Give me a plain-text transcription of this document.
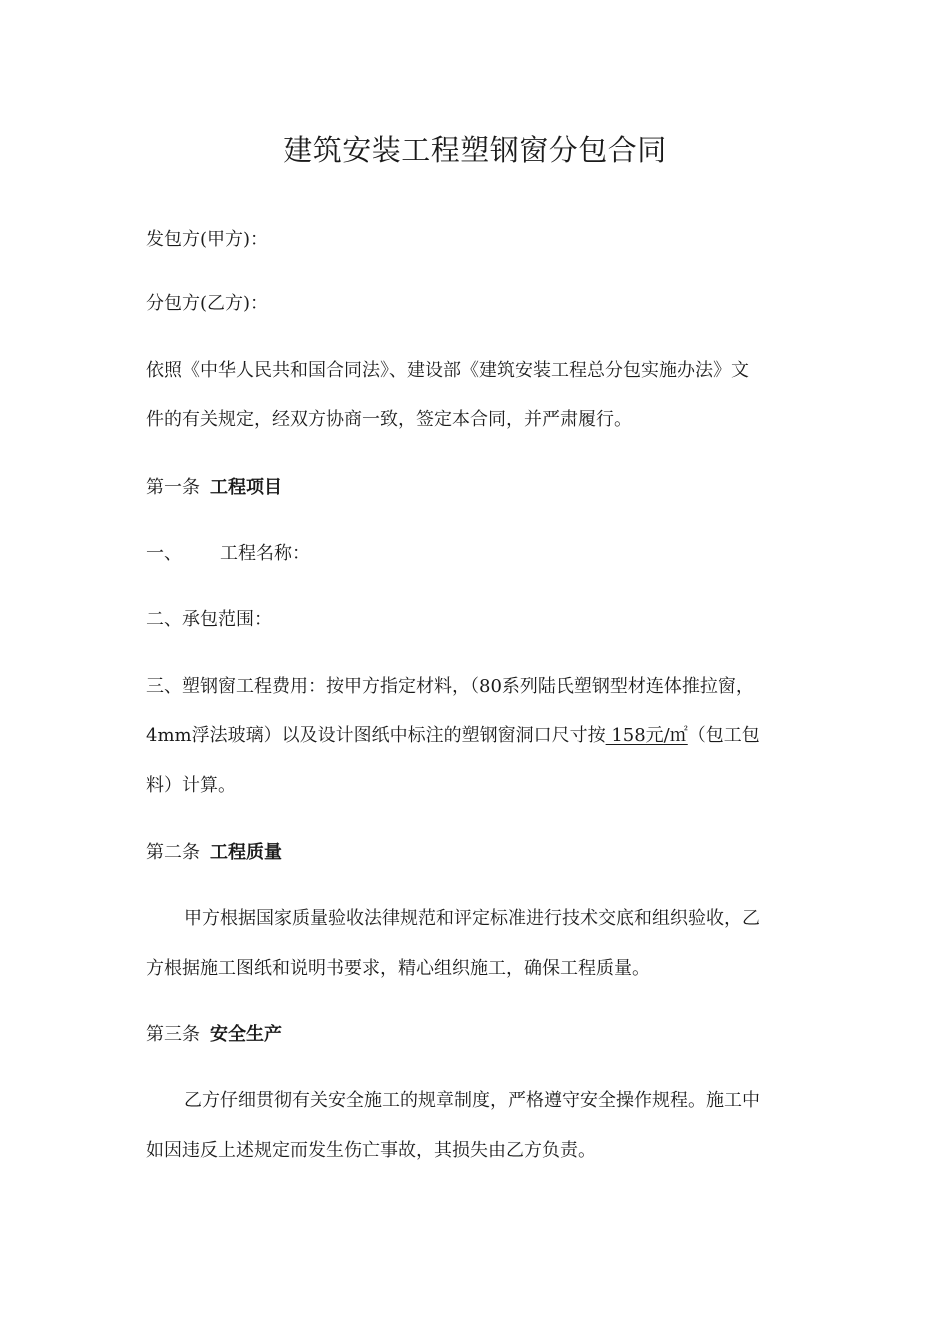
建筑安装工程塑钢窗分包合同
发包方(甲方)：
分包方(乙方)：
依照《中华人民共和国合同法》、建设部《建筑安装工程总分包实施办法》文
件的有关规定，经双方协商一致，签定本合同，并严肃履行。
第一条 工程项目
一、 工程名称：
二、承包范围：
三、塑钢窗工程费用：按甲方指定材料，（80系列陆氏塑钢型材连体推拉窗，
4mm浮法玻璃）以及设计图纸中标注的塑钢窗洞口尺寸按 158元/㎡（包工包
料）计算。
第二条 工程质量
甲方根据国家质量验收法律规范和评定标准进行技术交底和组织验收，乙
方根据施工图纸和说明书要求，精心组织施工，确保工程质量。
第三条 安全生产
乙方仔细贯彻有关安全施工的规章制度，严格遵守安全操作规程。施工中
如因违反上述规定而发生伤亡事故，其损失由乙方负责。
